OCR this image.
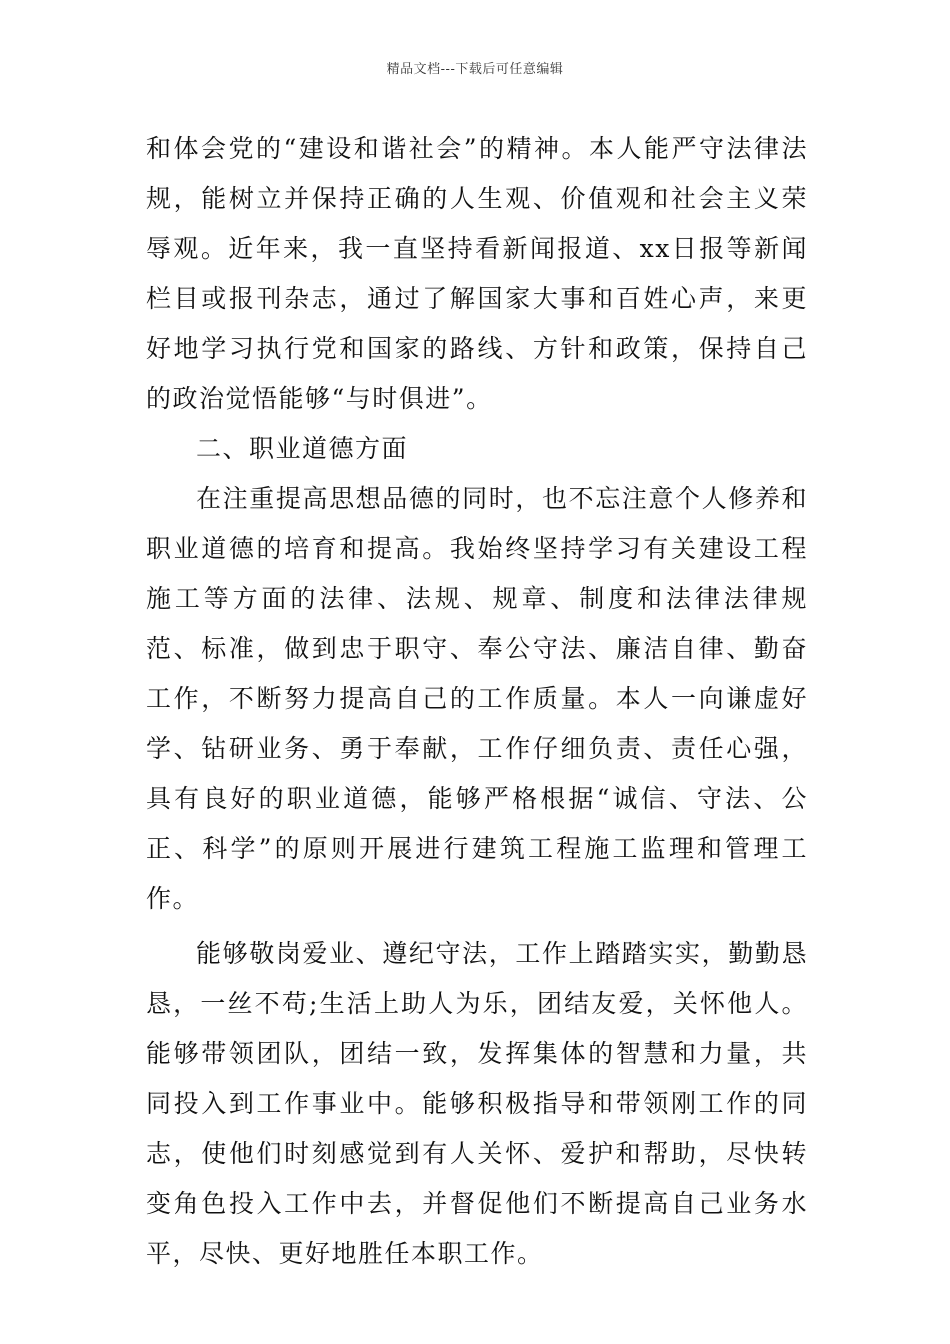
精品文档---下载后可任意编辑

和体会党的“建设和谐社会”的精神。本人能严守法律法规，能树立并保持正确的人生观、价值观和社会主义荣辱观。近年来，我一直坚持看新闻报道、xx日报等新闻栏目或报刊杂志，通过了解国家大事和百姓心声，来更好地学习执行党和国家的路线、方针和政策，保持自己的政治觉悟能够“与时俱进”。

二、职业道德方面

在注重提高思想品德的同时，也不忘注意个人修养和职业道德的培育和提高。我始终坚持学习有关建设工程施工等方面的法律、法规、规章、制度和法律法律规范、标准，做到忠于职守、奉公守法、廉洁自律、勤奋工作，不断努力提高自己的工作质量。本人一向谦虚好学、钻研业务、勇于奉献，工作仔细负责、责任心强，具有良好的职业道德，能够严格根据“诚信、守法、公正、科学”的原则开展进行建筑工程施工监理和管理工作。

能够敬岗爱业、遵纪守法，工作上踏踏实实，勤勤恳恳，一丝不苟;生活上助人为乐，团结友爱，关怀他人。能够带领团队，团结一致，发挥集体的智慧和力量，共同投入到工作事业中。能够积极指导和带领刚工作的同志，使他们时刻感觉到有人关怀、爱护和帮助，尽快转变角色投入工作中去，并督促他们不断提高自己业务水平，尽快、更好地胜任本职工作。
